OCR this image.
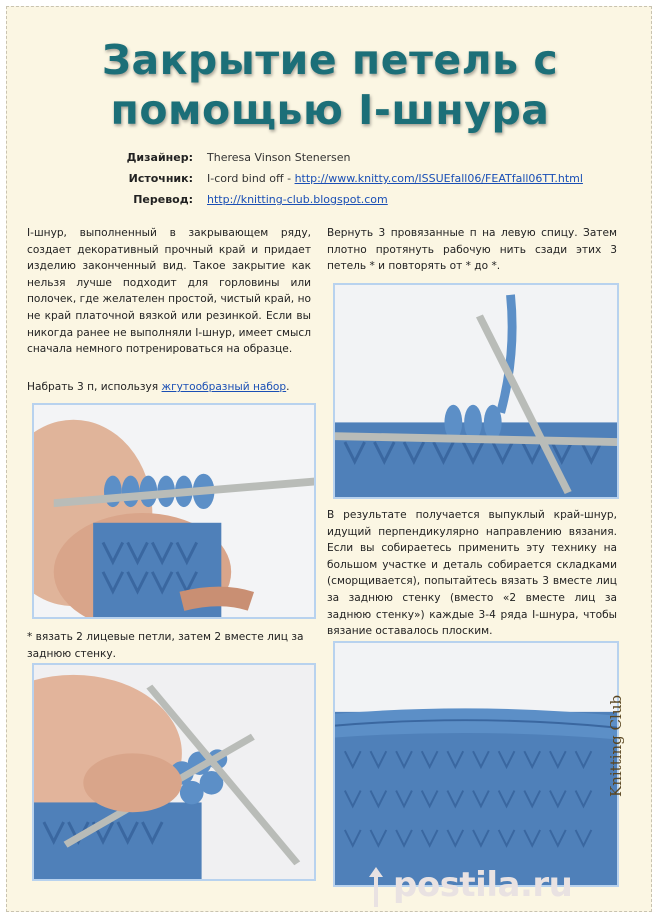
Закрытие петель с
помощью I-шнура
Дизайнер: Theresa Vinson Stenersen
Источник: I-cord bind off - http://www.knitty.com/ISSUEfall06/FEATfall06TT.html
Перевод: http://knitting-club.blogspot.com
I-шнур, выполненный в закрывающем ряду, создает декоративный прочный край и придает изделию законченный вид. Такое закрытие как нельзя лучше подходит для горловины или полочек, где желателен простой, чистый край, но не край платочной вязкой или резинкой. Если вы никогда ранее не выполняли I-шнур, имеет смысл сначала немного потренироваться на образце.
Набрать 3 п, используя жгутообразный набор.
* вязать 2 лицевые петли, затем 2 вместе лиц за заднюю стенку.
Вернуть 3 провязанные п на левую спицу. Затем плотно протянуть рабочую нить сзади этих 3 петель * и повторять от * до *.
В результате получается выпуклый край-шнур, идущий перпендикулярно направлению вязания. Если вы собираетесь применить эту технику на большом участке и деталь собирается складками (сморщивается), попытайтесь вязать 3 вместе лиц за заднюю стенку (вместо «2 вместе лиц за заднюю стенку») каждые 3-4 ряда I-шнура, чтобы вязание оставалось плоским.
Knitting Club
postila.ru
